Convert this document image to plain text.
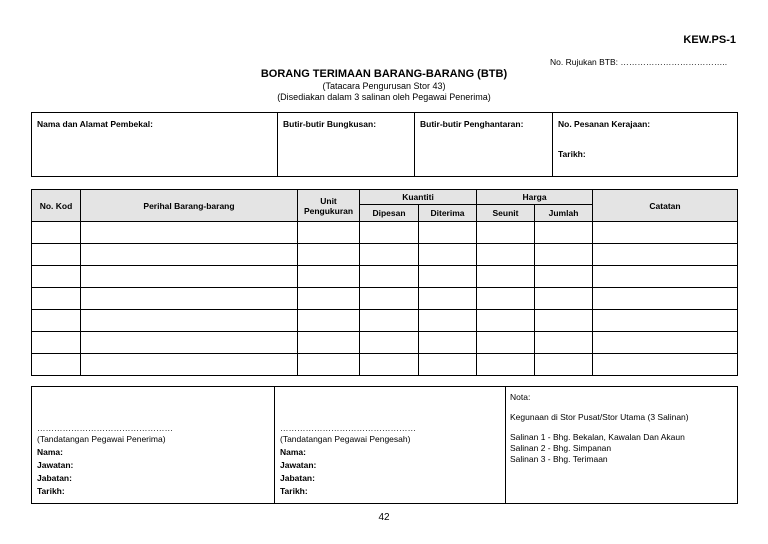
KEW.PS-1
No. Rujukan BTB: ………………………………..
BORANG TERIMAAN BARANG-BARANG (BTB)
(Tatacara Pengurusan Stor 43)
(Disediakan dalam 3 salinan oleh Pegawai Penerima)
Nama dan Alamat Pembekal:	Butir-butir Bungkusan:	Butir-butir Penghantaran:	No. Pesanan Kerajaan:
Tarikh:
No. Kod	Perihal Barang-barang	Unit Pengukuran	Kuantiti		Harga		Catatan
			Dipesan	Diterima	Seunit	Jumlah	

…………………………………………
(Tandatangan Pegawai Penerima)
Nama:
Jawatan:
Jabatan:
Tarikh:

…………………………………………
(Tandatangan Pegawai Pengesah)
Nama:
Jawatan:
Jabatan:
Tarikh:

Nota:
Kegunaan di Stor Pusat/Stor Utama (3 Salinan)
Salinan 1 - Bhg. Bekalan, Kawalan Dan Akaun
Salinan 2 - Bhg. Simpanan
Salinan 3 - Bhg. Terimaan
42
